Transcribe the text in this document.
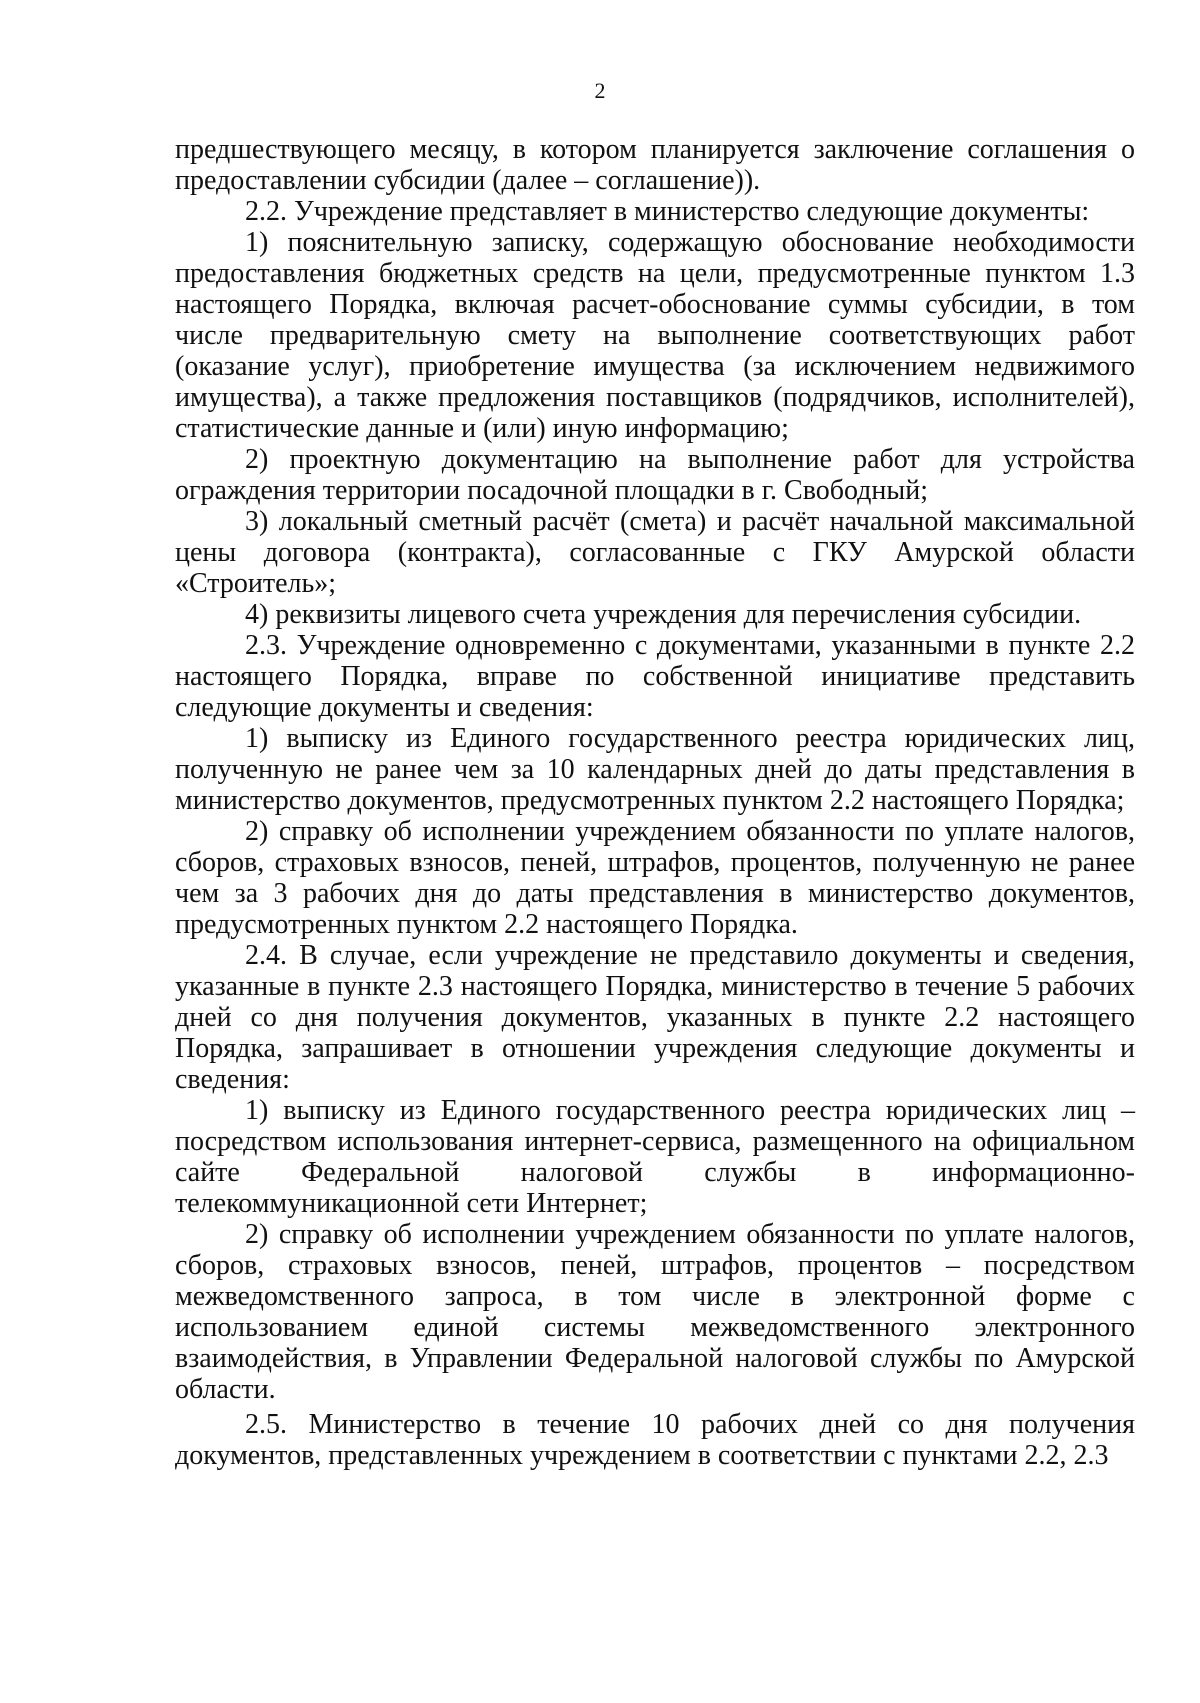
2

предшествующего месяцу, в котором планируется заключение соглашения о предоставлении субсидии (далее – соглашение)).

2.2. Учреждение представляет в министерство следующие документы:

1) пояснительную записку, содержащую обоснование необходимости предоставления бюджетных средств на цели, предусмотренные пунктом 1.3 настоящего Порядка, включая расчет-обоснование суммы субсидии, в том числе предварительную смету на выполнение соответствующих работ (оказание услуг), приобретение имущества (за исключением недвижимого имущества), а также предложения поставщиков (подрядчиков, исполнителей), статистические данные и (или) иную информацию;

2) проектную документацию на выполнение работ для устройства ограждения территории посадочной площадки в г. Свободный;

3) локальный сметный расчёт (смета) и расчёт начальной максимальной цены договора (контракта), согласованные с ГКУ Амурской области «Строитель»;

4) реквизиты лицевого счета учреждения для перечисления субсидии.

2.3. Учреждение одновременно с документами, указанными в пункте 2.2 настоящего Порядка, вправе по собственной инициативе представить следующие документы и сведения:

1) выписку из Единого государственного реестра юридических лиц, полученную не ранее чем за 10 календарных дней до даты представления в министерство документов, предусмотренных пунктом 2.2 настоящего Порядка;

2) справку об исполнении учреждением обязанности по уплате налогов, сборов, страховых взносов, пеней, штрафов, процентов, полученную не ранее чем за 3 рабочих дня до даты представления в министерство документов, предусмотренных пунктом 2.2 настоящего Порядка.

2.4. В случае, если учреждение не представило документы и сведения, указанные в пункте 2.3 настоящего Порядка, министерство в течение 5 рабочих дней со дня получения документов, указанных в пункте 2.2 настоящего Порядка, запрашивает в отношении учреждения следующие документы и сведения:

1) выписку из Единого государственного реестра юридических лиц – посредством использования интернет-сервиса, размещенного на официальном сайте Федеральной налоговой службы в информационно-телекоммуникационной сети Интернет;

2) справку об исполнении учреждением обязанности по уплате налогов, сборов, страховых взносов, пеней, штрафов, процентов – посредством межведомственного запроса, в том числе в электронной форме с использованием единой системы межведомственного электронного взаимодействия, в Управлении Федеральной налоговой службы по Амурской области.

2.5. Министерство в течение 10 рабочих дней со дня получения документов, представленных учреждением в соответствии с пунктами 2.2, 2.3
